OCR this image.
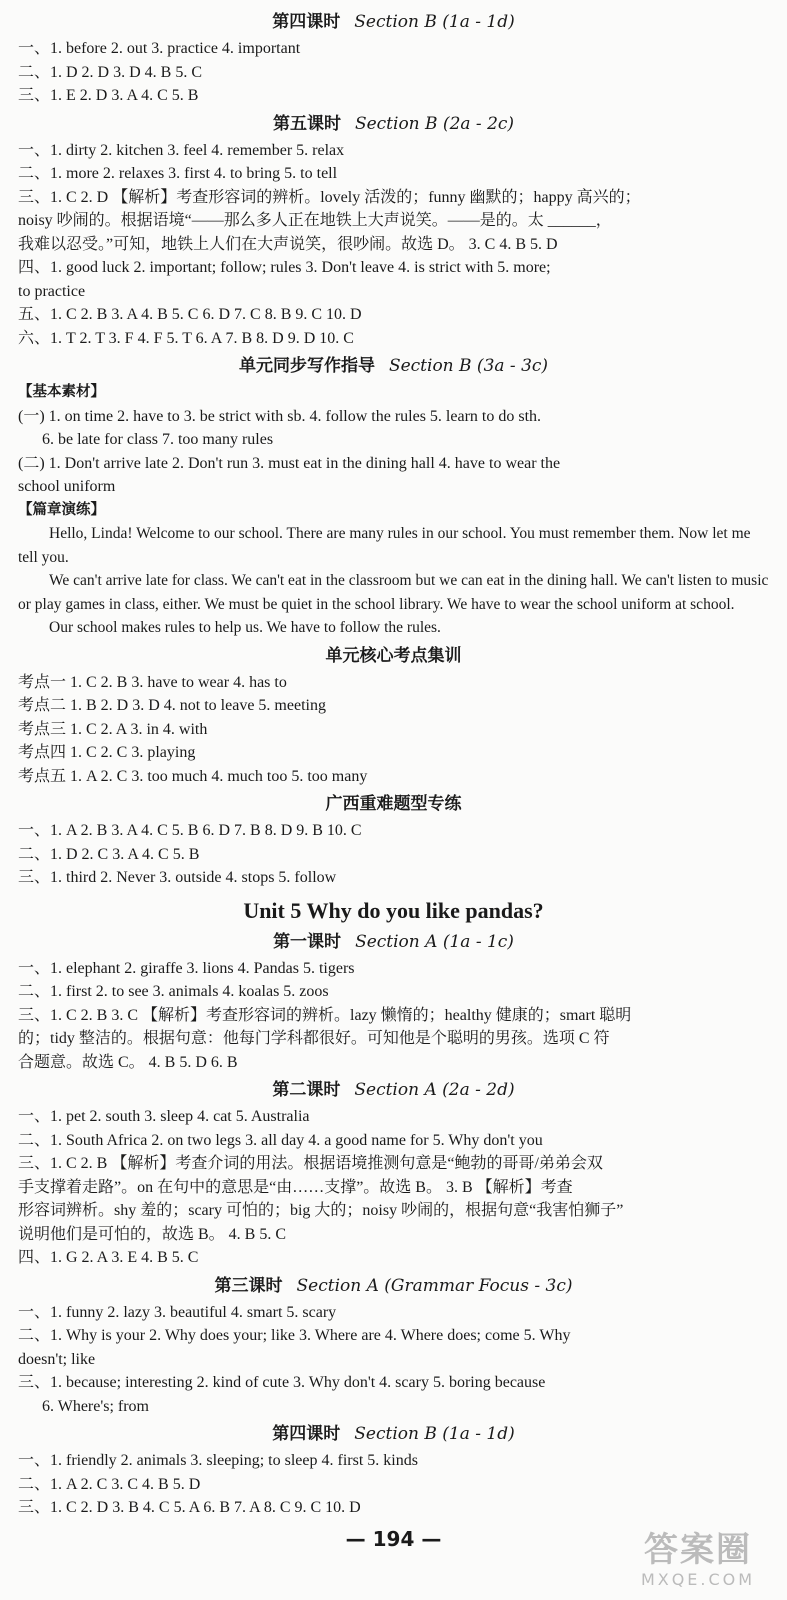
第四课时 Section B (1a - 1d)
一、1. before 2. out 3. practice 4. important
二、1. D 2. D 3. D 4. B 5. C
三、1. E 2. D 3. A 4. C 5. B
第五课时 Section B (2a - 2c)
一、1. dirty 2. kitchen 3. feel 4. remember 5. relax
二、1. more 2. relaxes 3. first 4. to bring 5. to tell
三、1. C 2. D 【解析】考查形容词的辨析。lovely 活泼的；funny 幽默的；happy 高兴的；
noisy 吵闹的。根据语境“——那么多人正在地铁上大声说笑。——是的。太 ______，
我难以忍受。”可知，地铁上人们在大声说笑，很吵闹。故选 D。 3. C 4. B 5. D
四、1. good luck 2. important; follow; rules 3. Don't leave 4. is strict with 5. more;
to practice
五、1. C 2. B 3. A 4. B 5. C 6. D 7. C 8. B 9. C 10. D
六、1. T 2. T 3. F 4. F 5. T 6. A 7. B 8. D 9. D 10. C
单元同步写作指导 Section B (3a - 3c)
【基本素材】
(一) 1. on time 2. have to 3. be strict with sb. 4. follow the rules 5. learn to do sth.
6. be late for class 7. too many rules
(二) 1. Don't arrive late 2. Don't run 3. must eat in the dining hall 4. have to wear the
school uniform
【篇章演练】
Hello, Linda! Welcome to our school. There are many rules in our school. You must remember them. Now let me tell you.
We can't arrive late for class. We can't eat in the classroom but we can eat in the dining hall. We can't listen to music or play games in class, either. We must be quiet in the school library. We have to wear the school uniform at school.
Our school makes rules to help us. We have to follow the rules.
单元核心考点集训
考点一 1. C 2. B 3. have to wear 4. has to
考点二 1. B 2. D 3. D 4. not to leave 5. meeting
考点三 1. C 2. A 3. in 4. with
考点四 1. C 2. C 3. playing
考点五 1. A 2. C 3. too much 4. much too 5. too many
广西重难题型专练
一、1. A 2. B 3. A 4. C 5. B 6. D 7. B 8. D 9. B 10. C
二、1. D 2. C 3. A 4. C 5. B
三、1. third 2. Never 3. outside 4. stops 5. follow
Unit 5 Why do you like pandas?
第一课时 Section A (1a - 1c)
一、1. elephant 2. giraffe 3. lions 4. Pandas 5. tigers
二、1. first 2. to see 3. animals 4. koalas 5. zoos
三、1. C 2. B 3. C 【解析】考查形容词的辨析。lazy 懒惰的；healthy 健康的；smart 聪明
的；tidy 整洁的。根据句意：他每门学科都很好。可知他是个聪明的男孩。选项 C 符
合题意。故选 C。 4. B 5. D 6. B
第二课时 Section A (2a - 2d)
一、1. pet 2. south 3. sleep 4. cat 5. Australia
二、1. South Africa 2. on two legs 3. all day 4. a good name for 5. Why don't you
三、1. C 2. B 【解析】考查介词的用法。根据语境推测句意是“鲍勃的哥哥/弟弟会双
手支撑着走路”。on 在句中的意思是“由……支撑”。故选 B。 3. B 【解析】考查
形容词辨析。shy 羞的；scary 可怕的；big 大的；noisy 吵闹的，根据句意“我害怕狮子”
说明他们是可怕的，故选 B。 4. B 5. C
四、1. G 2. A 3. E 4. B 5. C
第三课时 Section A (Grammar Focus - 3c)
一、1. funny 2. lazy 3. beautiful 4. smart 5. scary
二、1. Why is your 2. Why does your; like 3. Where are 4. Where does; come 5. Why
doesn't; like
三、1. because; interesting 2. kind of cute 3. Why don't 4. scary 5. boring because
6. Where's; from
第四课时 Section B (1a - 1d)
一、1. friendly 2. animals 3. sleeping; to sleep 4. first 5. kinds
二、1. A 2. C 3. C 4. B 5. D
三、1. C 2. D 3. B 4. C 5. A 6. B 7. A 8. C 9. C 10. D
— 194 —	答案圈
MXQE.COM
